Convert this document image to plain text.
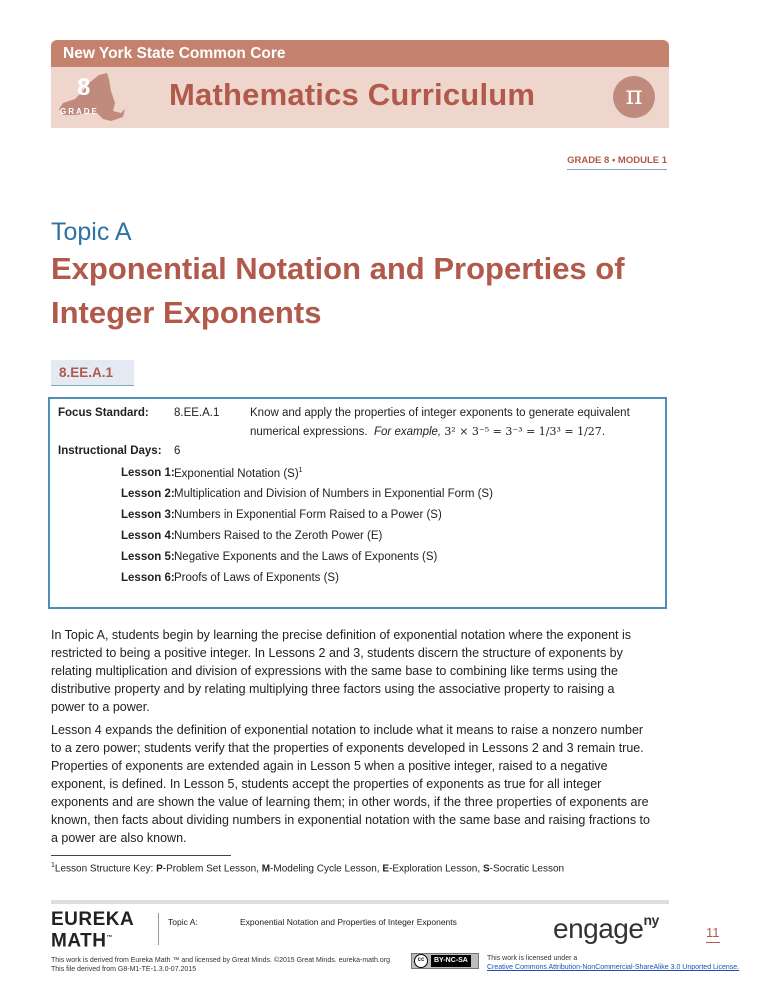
New York State Common Core
8
GRADE Mathematics Curriculum	π
GRADE 8 • MODULE 1
Topic A
Exponential Notation and Properties of Integer Exponents
8.EE.A.1
Focus Standard: 8.EE.A.1	Know and apply the properties of integer exponents to generate equivalent
numerical expressions. For example, 3² × 3⁻⁵ = 3⁻³ = 1/3³ = 1/27.
Instructional Days: 6
Lesson 1: Exponential Notation $(S)^1$
Lesson 2: Multiplication and Division of Numbers in Exponential Form (S)
Lesson 3: Numbers in Exponential Form Raised to a Power (S)
Lesson 4: Numbers Raised to the Zeroth Power (E)
Lesson 5: Negative Exponents and the Laws of Exponents (S)
Lesson 6: Proofs of Laws of Exponents (S)
In Topic A, students begin by learning the precise definition of exponential notation where the exponent is
restricted to being a positive integer. In Lessons 2 and 3, students discern the structure of exponents by
relating multiplication and division of expressions with the same base to combining like terms using the
distributive property and by relating multiplying three factors using the associative property to raising a
power to a power.
Lesson 4 expands the definition of exponential notation to include what it means to raise a nonzero number
to a zero power; students verify that the properties of exponents developed in Lessons 2 and 3 remain true.
Properties of exponents are extended again in Lesson 5 when a positive integer, raised to a negative
exponent, is defined. In Lesson 5, students accept the properties of exponents as true for all integer
exponents and are shown the value of learning them; in other words, if the three properties of exponents are
known, then facts about dividing numbers in exponential notation with the same base and raising fractions to
a power are also known.
$^1$Lesson Structure Key: P-Problem Set Lesson, M-Modeling Cycle Lesson, E-Exploration Lesson, S-Socratic Lesson
EUREKA
MATH™
Topic A:	Exponential Notation and Properties of Integer Exponents	engage$^{ny}$
11
This work is derived from Eureka Math ™ and licensed by Great Minds. ©2015 Great Minds. eureka-math.org
This file derived from G8-M1-TE-1.3.0-07.2015
cc	BY-NC-SA	This work is licensed under a
Creative Commons Attribution-NonCommercial-ShareAlike 3.0 Unported License.
